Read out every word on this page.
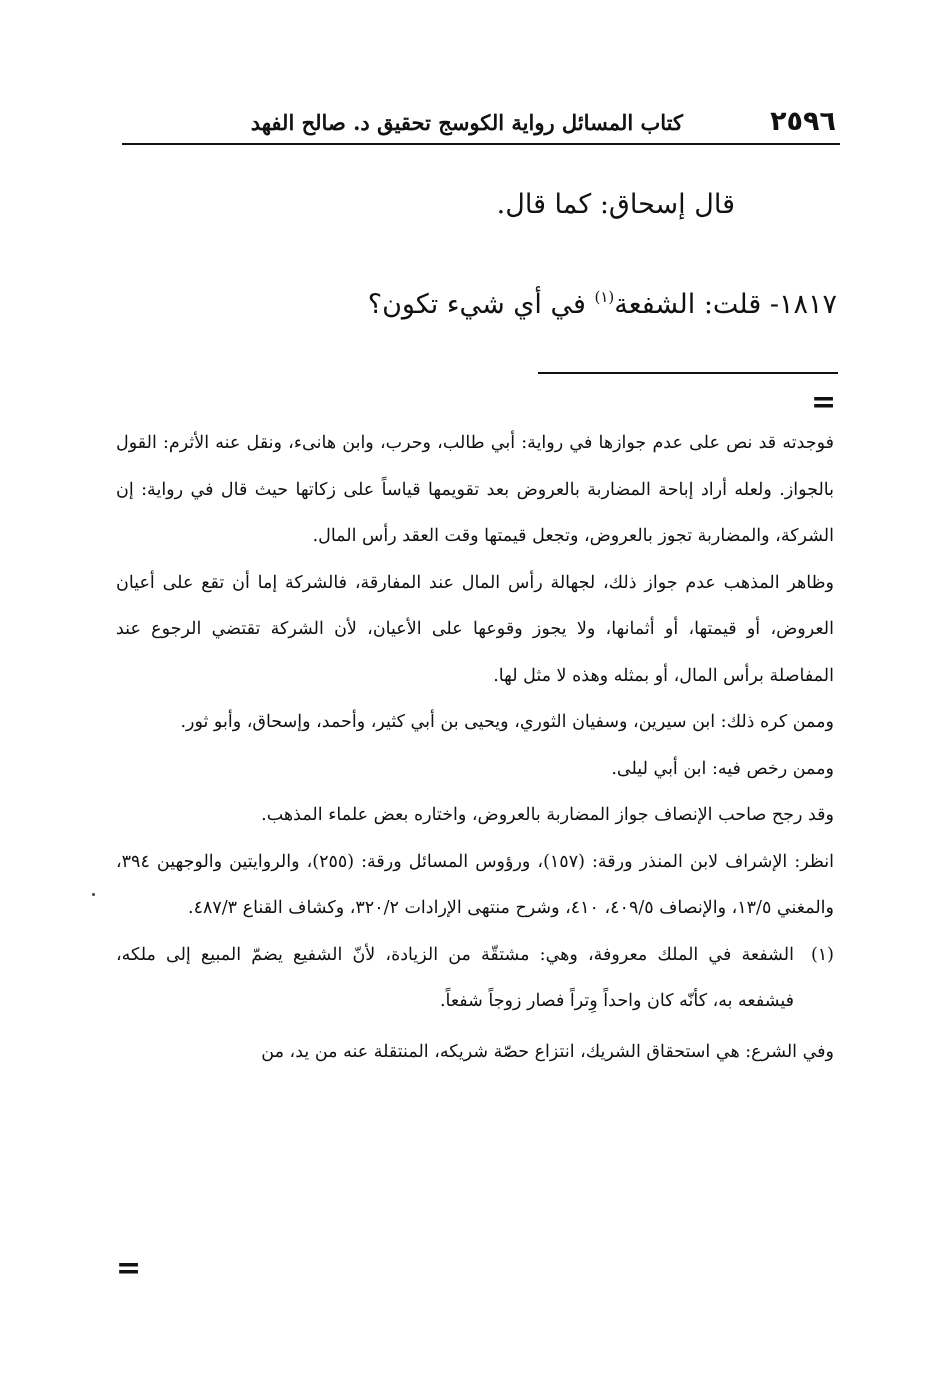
٢٥٩٦
كتاب المسائل رواية الكوسج تحقيق د. صالح الفهد
قال إسحاق: كما قال.
١٨١٧- قلت: الشفعة$^{(١)}$ في أي شيء تكون؟
=

فوجدته قد نص على عدم جوازها في رواية: أبي طالب، وحرب، وابن هانىء، ونقل عنه الأثرم: القول بالجواز. ولعله أراد إباحة المضاربة بالعروض بعد تقويمها قياساً على زكاتها حيث قال في رواية: إن الشركة، والمضاربة تجوز بالعروض، وتجعل قيمتها وقت العقد رأس المال.

وظاهر المذهب عدم جواز ذلك، لجهالة رأس المال عند المفارقة، فالشركة إما أن تقع على أعيان العروض، أو قيمتها، أو أثمانها، ولا يجوز وقوعها على الأعيان، لأن الشركة تقتضي الرجوع عند المفاصلة برأس المال، أو بمثله وهذه لا مثل لها.

وممن كره ذلك: ابن سيرين، وسفيان الثوري، ويحيى بن أبي كثير، وأحمد، وإسحاق، وأبو ثور.

وممن رخص فيه: ابن أبي ليلى.

وقد رجح صاحب الإنصاف جواز المضاربة بالعروض، واختاره بعض علماء المذهب.

انظر: الإشراف لابن المنذر ورقة: (١٥٧)، ورؤوس المسائل ورقة: (٢٥٥)، والروايتين والوجهين ٣٩٤، والمغني ١٣/٥، والإنصاف ٤٠٩/٥، ٤١٠، وشرح منتهى الإرادات ٣٢٠/٢، وكشاف القناع ٤٨٧/٣.

(١)
الشفعة في الملك معروفة، وهي: مشتقّة من الزيادة، لأنّ الشفيع يضمّ المبيع إلى ملكه، فيشفعه به، كأنّه كان واحداً وِتراً فصار زوجاً شفعاً.

وفي الشرع: هي استحقاق الشريك، انتزاع حصّة شريكه، المنتقلة عنه من يد، من

=
